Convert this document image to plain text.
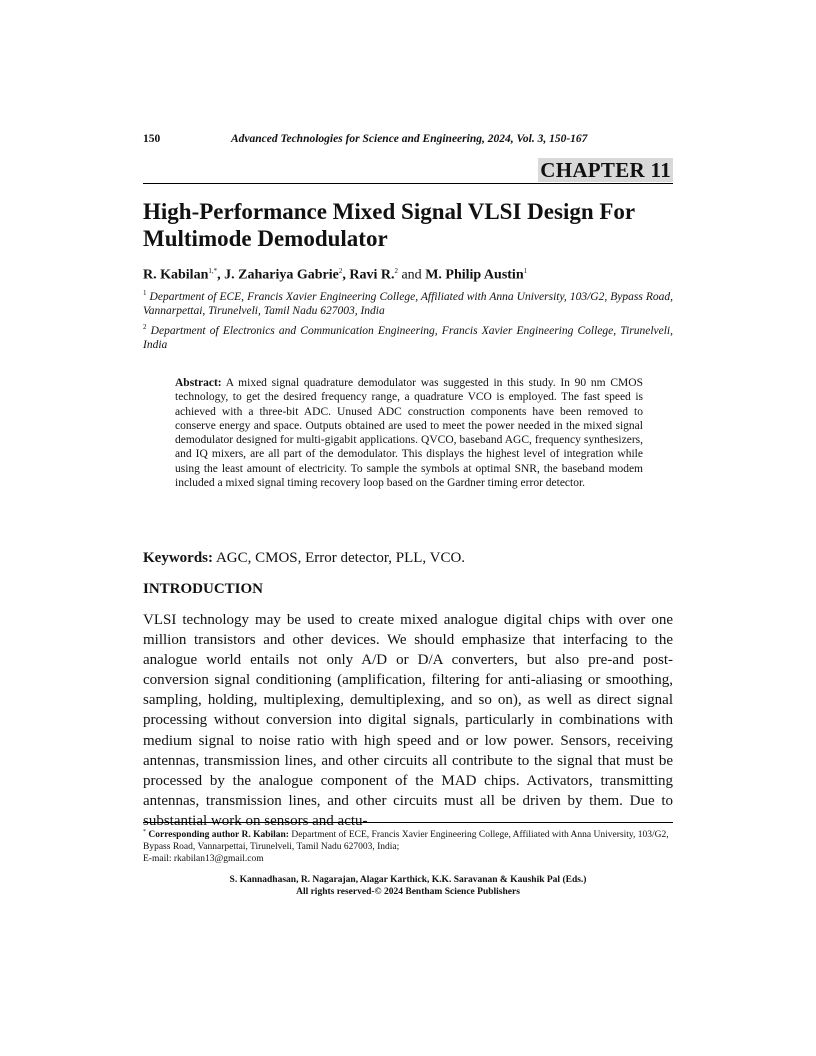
150	Advanced Technologies for Science and Engineering, 2024, Vol. 3, 150-167
CHAPTER 11
High-Performance Mixed Signal VLSI Design For Multimode Demodulator
R. Kabilan$^{1,*}$, J. Zahariya Gabrie$^2$, Ravi R.$^2$ and M. Philip Austin$^1$

$^1$ Department of ECE, Francis Xavier Engineering College, Affiliated with Anna University, 103/G2, Bypass Road, Vannarpettai, Tirunelveli, Tamil Nadu 627003, India

$^2$ Department of Electronics and Communication Engineering, Francis Xavier Engineering College, Tirunelveli, India

Abstract: A mixed signal quadrature demodulator was suggested in this study. In 90 nm CMOS technology, to get the desired frequency range, a quadrature VCO is employed. The fast speed is achieved with a three-bit ADC. Unused ADC construction components have been removed to conserve energy and space. Outputs obtained are used to meet the power needed in the mixed signal demodulator designed for multi-gigabit applications. QVCO, baseband AGC, frequency synthesizers, and IQ mixers, are all part of the demodulator. This displays the highest level of integration while using the least amount of electricity. To sample the symbols at optimal SNR, the baseband modem included a mixed signal timing recovery loop based on the Gardner timing error detector.

Keywords: AGC, CMOS, Error detector, PLL, VCO.

INTRODUCTION

VLSI technology may be used to create mixed analogue digital chips with over one million transistors and other devices. We should emphasize that interfacing to the analogue world entails not only A/D or D/A converters, but also pre-and post-conversion signal conditioning (amplification, filtering for anti-aliasing or smoothing, sampling, holding, multiplexing, demultiplexing, and so on), as well as direct signal processing without conversion into digital signals, particularly in combinations with medium signal to noise ratio with high speed and or low power. Sensors, receiving antennas, transmission lines, and other circuits all contribute to the signal that must be processed by the analogue component of the MAD chips. Activators, transmitting antennas, transmission lines, and other circuits must all be driven by them. Due to substantial work on sensors and actu-

* Corresponding author R. Kabilan: Department of ECE, Francis Xavier Engineering College, Affiliated with Anna University, 103/G2, Bypass Road, Vannarpettai, Tirunelveli, Tamil Nadu 627003, India;
E-mail: rkabilan13@gmail.com

S. Kannadhasan, R. Nagarajan, Alagar Karthick, K.K. Saravanan & Kaushik Pal (Eds.)
All rights reserved-© 2024 Bentham Science Publishers
